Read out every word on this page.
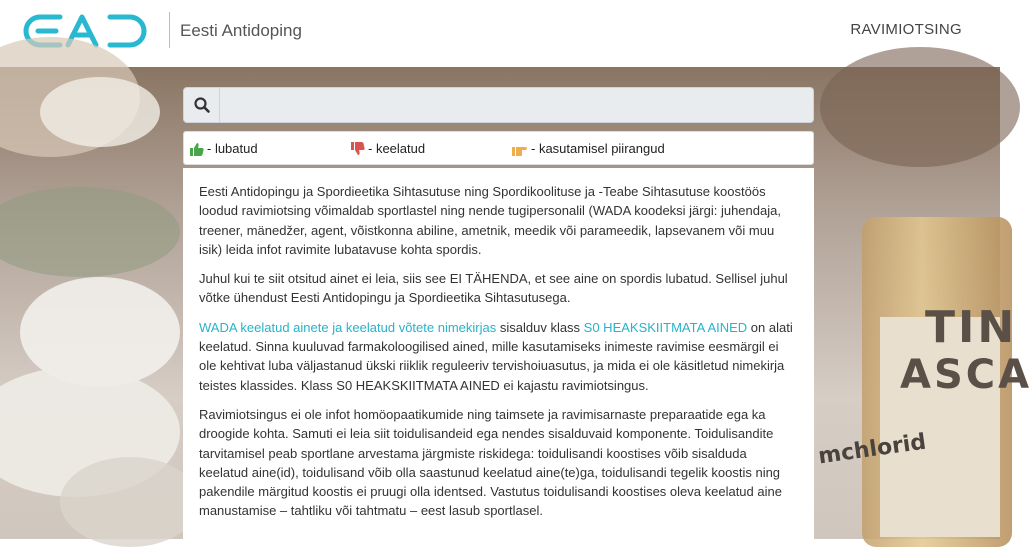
Eesti Antidoping	RAVIMIOTSING
TIN
ASCA
mchlorid
- lubatud	- keelatud	- kasutamisel piirangud

Eesti Antidopingu ja Spordieetika Sihtasutuse ning Spordikoolituse ja -Teabe Sihtasutuse koostöös loodud ravimiotsing võimaldab sportlastel ning nende tugipersonalil (WADA koodeksi järgi: juhendaja, treener, mänedžer, agent, võistkonna abiline, ametnik, meedik või parameedik, lapsevanem või muu isik) leida infot ravimite lubatavuse kohta spordis.

Juhul kui te siit otsitud ainet ei leia, siis see EI TÄHENDA, et see aine on spordis lubatud. Sellisel juhul võtke ühendust Eesti Antidopingu ja Spordieetika Sihtasutusega.

WADA keelatud ainete ja keelatud võtete nimekirjas sisalduv klass S0 HEAKSKIITMATA AINED on alati keelatud. Sinna kuuluvad farmakoloogilised ained, mille kasutamiseks inimeste ravimise eesmärgil ei ole kehtivat luba väljastanud ükski riiklik reguleeriv tervishoiuasutus, ja mida ei ole käsitletud nimekirja teistes klassides. Klass S0 HEAKSKIITMATA AINED ei kajastu ravimiotsingus.

Ravimiotsingus ei ole infot homöopaatikumide ning taimsete ja ravimisarnaste preparaatide ega ka droogide kohta. Samuti ei leia siit toidulisandeid ega nendes sisalduvaid komponente. Toidulisandite tarvitamisel peab sportlane arvestama järgmiste riskidega: toidulisandi koostises võib sisalduda keelatud aine(id), toidulisand võib olla saastunud keelatud aine(te)ga, toidulisandi tegelik koostis ning pakendile märgitud koostis ei pruugi olla identsed. Vastutus toidulisandi koostises oleva keelatud aine manustamise – tahtliku või tahtmatu – eest lasub sportlasel.
